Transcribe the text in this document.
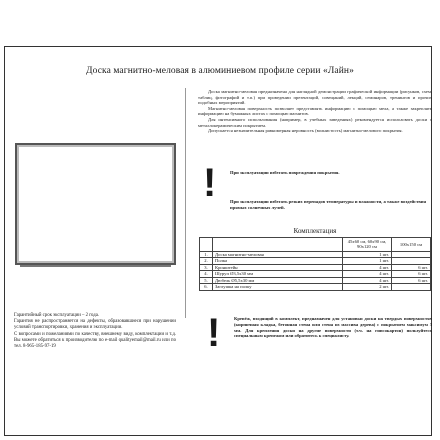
Доска магнитно-меловая в алюминиевом профиле серии «Лайн»

Доска магнитно-меловая предназначена для наглядной демонстрации графической информации (рисунков, схем, таблиц, фотографий и т.п.) при проведении презентаций, совещаний, лекций, семинаров, тренингов и прочих подобных мероприятий.

Магнитно-меловая поверхность позволяет представлять информацию с помощью мела, а также закреплять информацию на бумажных листах с помощью магнитов.

Для интенсивного использования (например, в учебных заведениях) рекомендуется использовать доски с металлокерамическим покрытием.

Допускается незначительная равномерная неровность (волнистость) магнитно-мелового покрытия.

!	При эксплуатации избегать повреждения покрытия.
При эксплуатации избегать резких перепадов температуры и влажности, а также воздействия прямых солнечных лучей.
Комплектация
		45х60 см, 60х90 см, 90х120 см	100х150 см
1.	Доска магнитно-меловая	1 шт.	
2.	Полка	1 шт.	
3.	Кронштейн	4 шт.	6 шт.
4.	Шуруп Ø3,5х30 мм	4 шт.	6 шт.
5.	Дюбель Ø5,5х30 мм	4 шт.	6 шт.
6.	Заглушка на полку	2 шт.	
!	Крепёж, входящий в комплект, предназначен для установки доски на твердых поверхностях (кирпичная кладка, бетонная стена или стена из массива дерева) с покрытием максимум 3 мм. Для крепления доски на другие поверхности (т.ч. на гипсокартон) пользуйтесь специальным крепежом или обратитесь к специалисту.

Гарантийный срок эксплуатации – 2 года.

Гарантия не распространяется на дефекты, образовавшиеся при нарушении условий транспортировки, хранения и эксплуатации.

С вопросами и пожеланиями по качеству, внешнему виду, комплектации и т.д. Вы можете обратиться к производителю по e-mail qualityemail@mail.ru или по тел. 8-965-185-97-19
